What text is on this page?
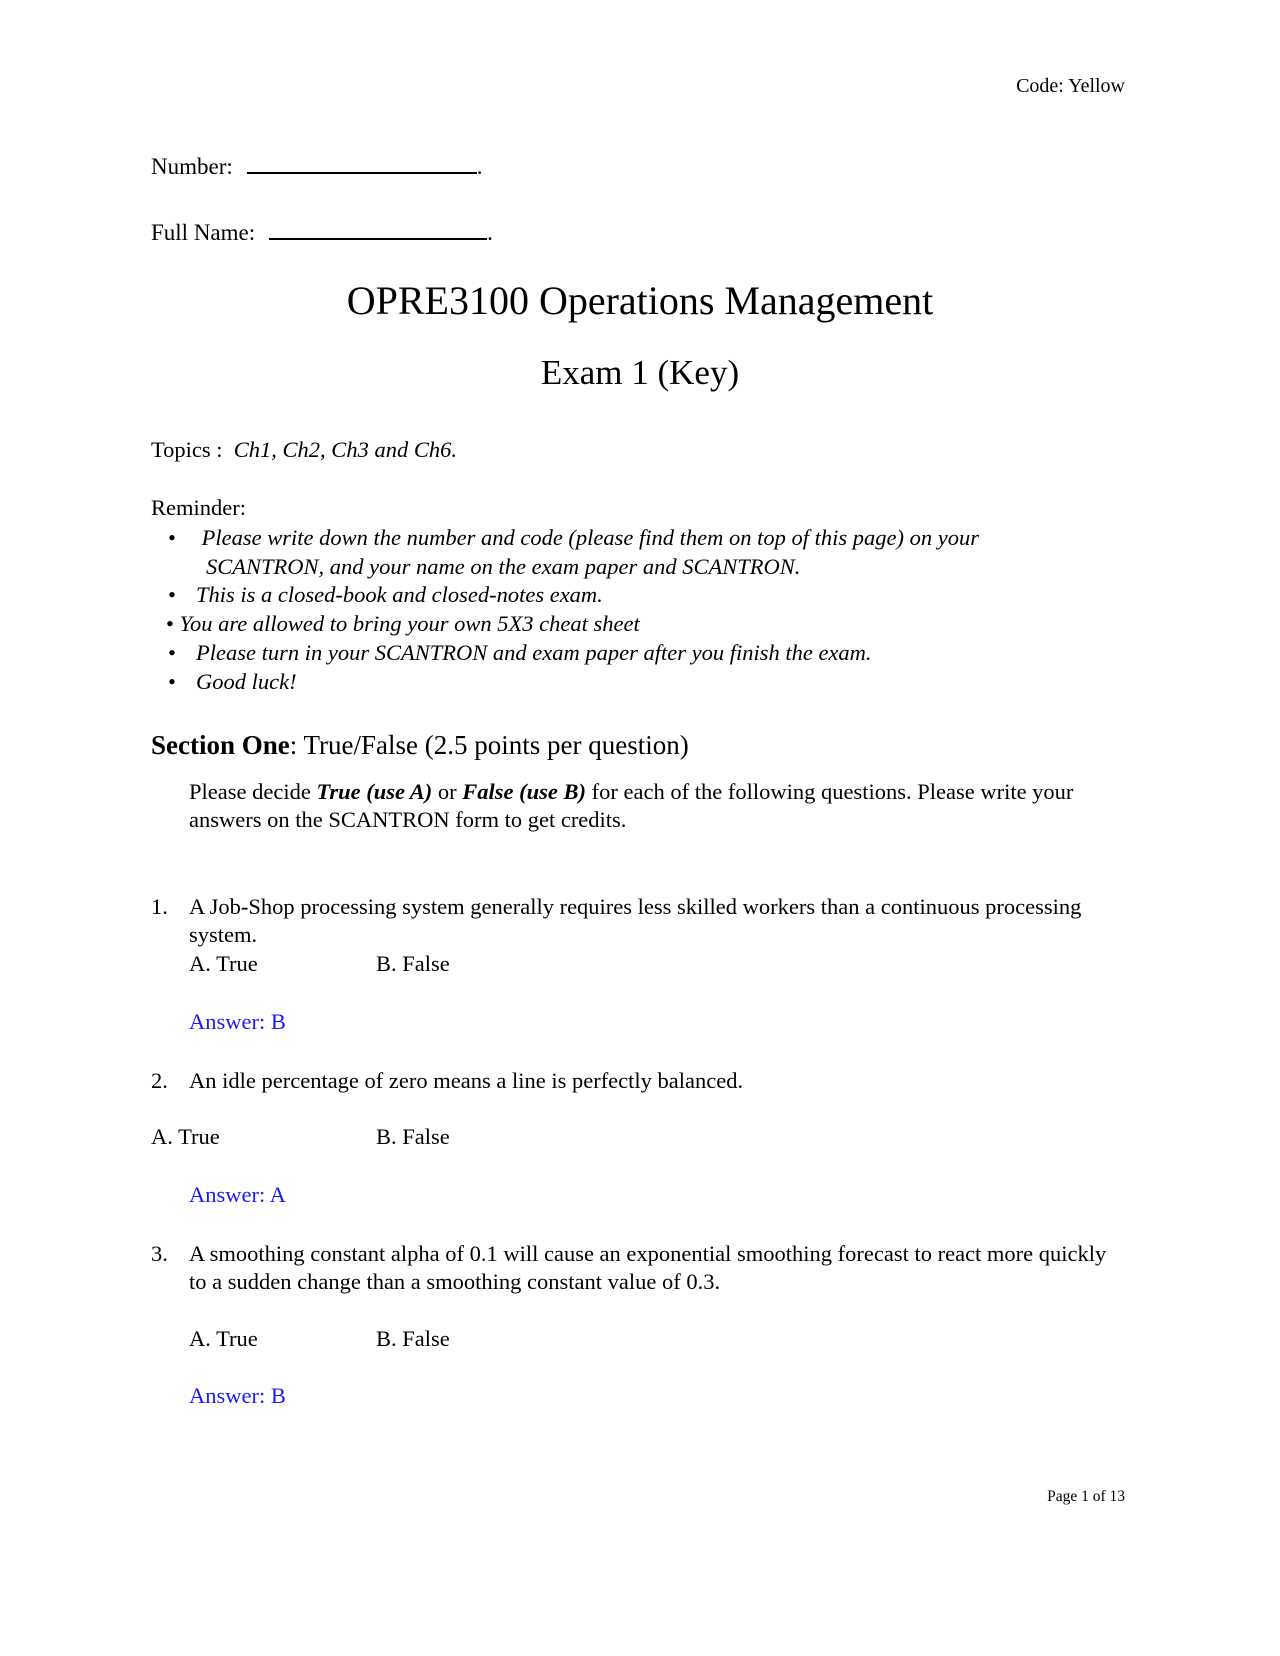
Code: Yellow
Number:	.
Full Name:	.
OPRE3100 Operations Management
Exam 1 (Key)
Topics : Ch1, Ch2, Ch3 and Ch6.
Reminder:
• Please write down the number and code (please find them on top of this page) on your
SCANTRON, and your name on the exam paper and SCANTRON.
• This is a closed-book and closed-notes exam.
• You are allowed to bring your own 5X3 cheat sheet
• Please turn in your SCANTRON and exam paper after you finish the exam.
• Good luck!
Section One: True/False (2.5 points per question)
Please decide True (use A) or False (use B) for each of the following questions. Please write your answers on the SCANTRON form to get credits.
1. A Job-Shop processing system generally requires less skilled workers than a continuous processing system.
A. True	B. False
Answer: B
2. An idle percentage of zero means a line is perfectly balanced.
A. True	B. False
Answer: A
3. A smoothing constant alpha of 0.1 will cause an exponential smoothing forecast to react more quickly to a sudden change than a smoothing constant value of 0.3.
A. True	B. False
Answer: B
Page 1 of 13
